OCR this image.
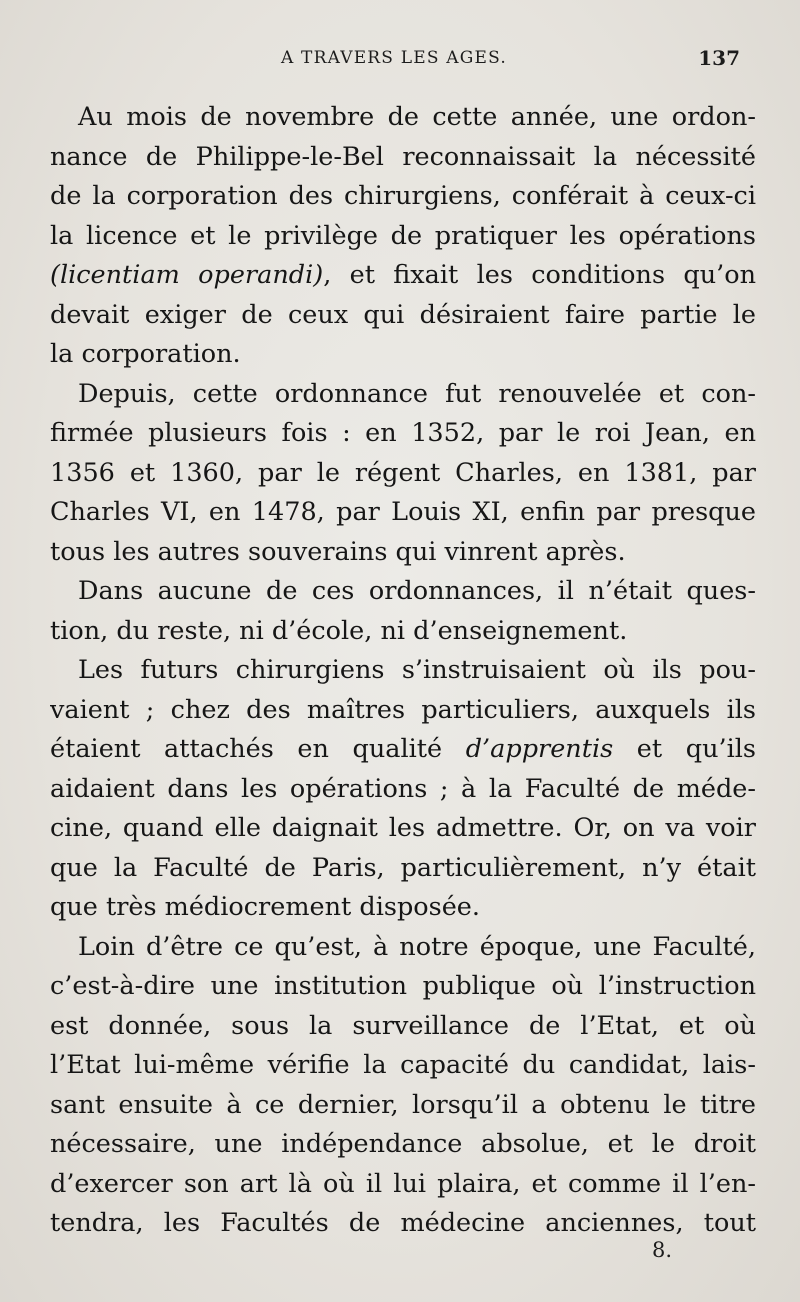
A TRAVERS LES AGES.	137
Au mois de novembre de cette année, une ordon-
nance de Philippe-le-Bel reconnaissait la nécessité
de la corporation des chirurgiens, conférait à ceux-ci
la licence et le privilège de pratiquer les opérations
(licentiam operandi), et fixait les conditions qu’on
devait exiger de ceux qui désiraient faire partie le
la corporation.
Depuis, cette ordonnance fut renouvelée et con-
firmée plusieurs fois : en 1352, par le roi Jean, en
1356 et 1360, par le régent Charles, en 1381, par
Charles VI, en 1478, par Louis XI, enfin par presque
tous les autres souverains qui vinrent après.
Dans aucune de ces ordonnances, il n’était ques-
tion, du reste, ni d’école, ni d’enseignement.
Les futurs chirurgiens s’instruisaient où ils pou-
vaient ; chez des maîtres particuliers, auxquels ils
étaient attachés en qualité d’apprentis et qu’ils
aidaient dans les opérations ; à la Faculté de méde-
cine, quand elle daignait les admettre. Or, on va voir
que la Faculté de Paris, particulièrement, n’y était
que très médiocrement disposée.
Loin d’être ce qu’est, à notre époque, une Faculté,
c’est-à-dire une institution publique où l’instruction
est donnée, sous la surveillance de l’Etat, et où
l’Etat lui-même vérifie la capacité du candidat, lais-
sant ensuite à ce dernier, lorsqu’il a obtenu le titre
nécessaire, une indépendance absolue, et le droit
d’exercer son art là où il lui plaira, et comme il l’en-
tendra, les Facultés de médecine anciennes, tout
8.
